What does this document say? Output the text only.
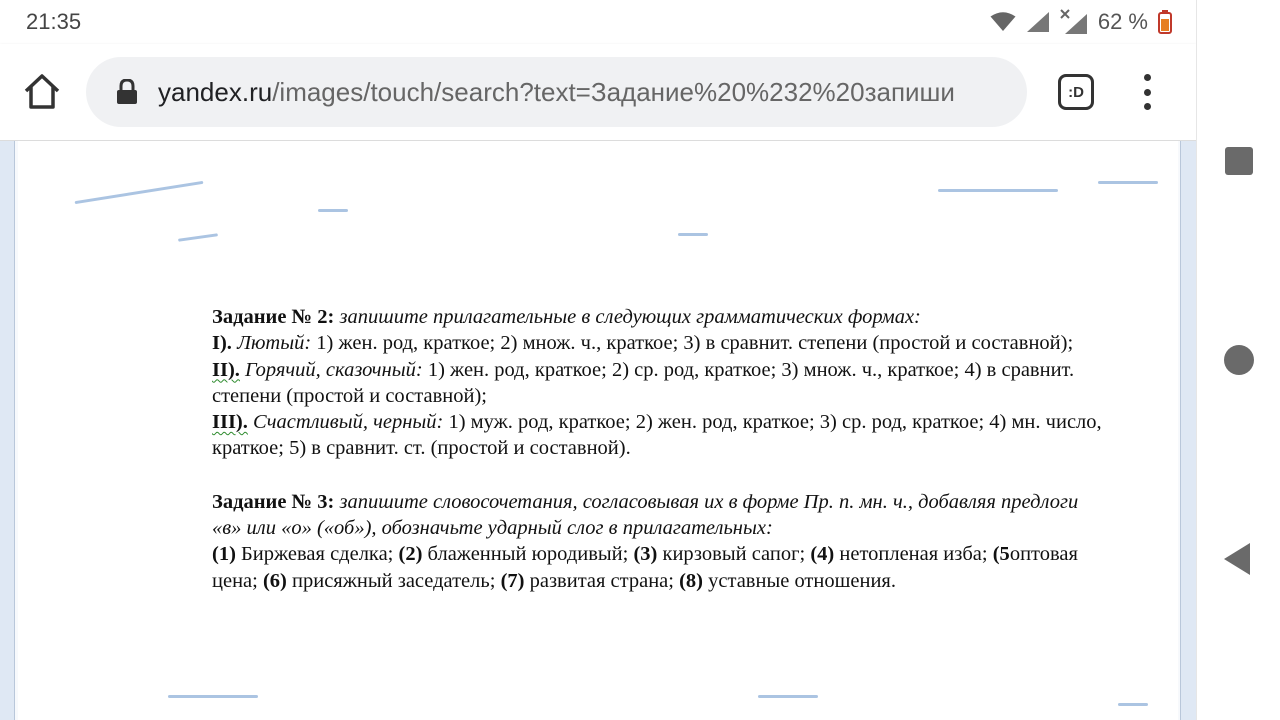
21:35	62 %
yandex.ru/images/touch/search?text=Задание%20%232%20запиши	:D

Задание № 2: запишите прилагательные в следующих грамматических формах:

I). Лютый: 1) жен. род, краткое; 2) множ. ч., краткое; 3) в сравнит. степени (простой и составной);

II). Горячий, сказочный: 1) жен. род, краткое; 2) ср. род, краткое; 3) множ. ч., краткое; 4) в сравнит. степени (простой и составной);

III). Счастливый, черный: 1) муж. род, краткое; 2) жен. род, краткое; 3) ср. род, краткое; 4) мн. число, краткое; 5) в сравнит. ст. (простой и составной).

Задание № 3: запишите словосочетания, согласовывая их в форме Пр. п. мн. ч., добавляя предлоги «в» или «о» («об»), обозначьте ударный слог в прилагательных:

(1) Биржевая сделка; (2) блаженный юродивый; (3) кирзовый сапог; (4) нетопленая изба; (5оптовая цена; (6) присяжный заседатель; (7) развитая страна; (8) уставные отношения.
